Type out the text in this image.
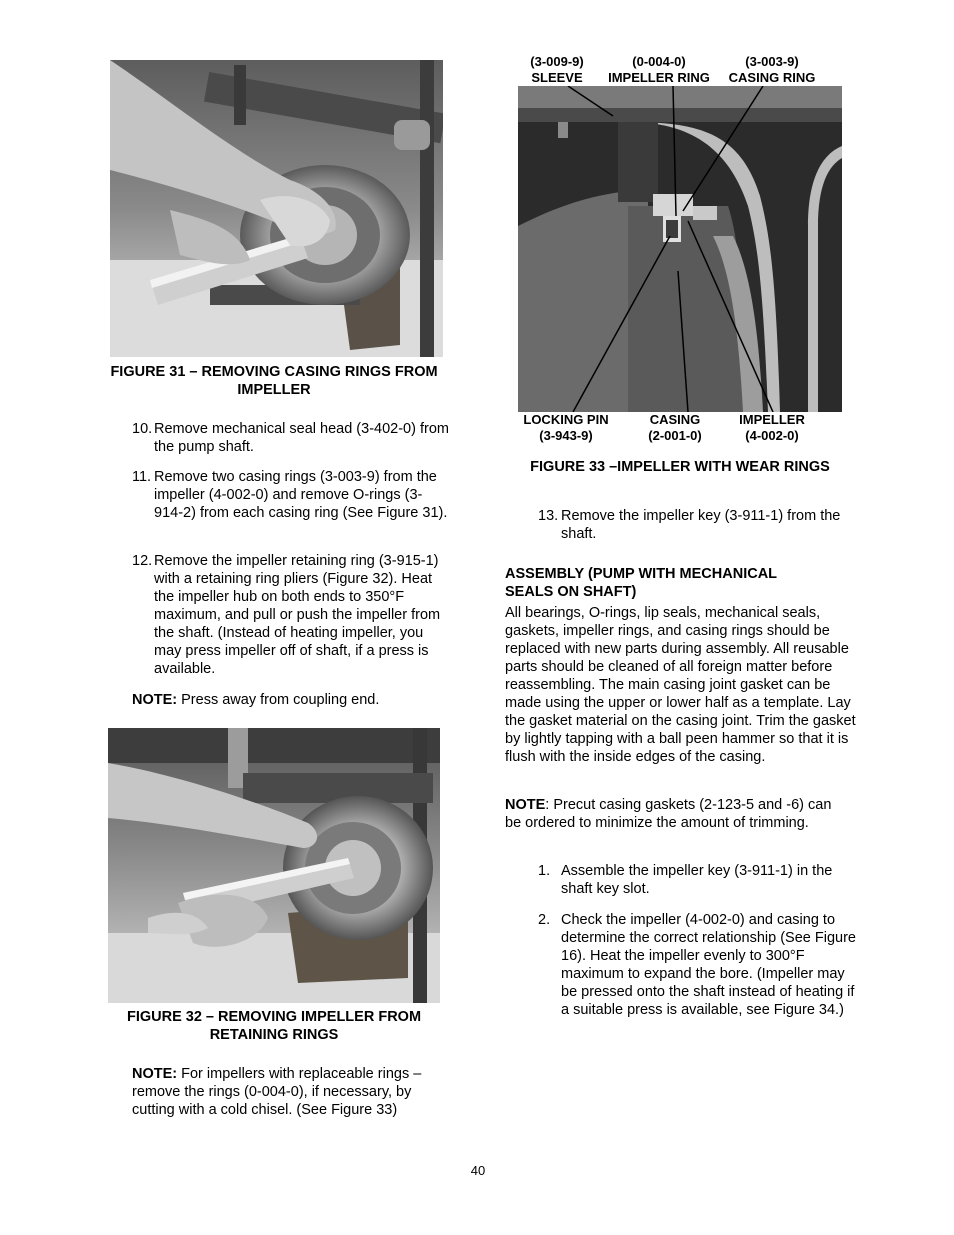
FIGURE 31 – REMOVING CASING RINGS FROM IMPELLER
10. Remove mechanical seal head (3-402-0) from the pump shaft.
11. Remove two casing rings (3-003-9) from the impeller (4-002-0) and remove O-rings (3-914-2) from each casing ring (See Figure 31).
12. Remove the impeller retaining ring (3-915-1) with a retaining ring pliers (Figure 32). Heat the impeller hub on both ends to 350°F maximum, and pull or push the impeller from the shaft. (Instead of heating impeller, you may press impeller off of shaft, if a press is available.
NOTE: Press away from coupling end.
FIGURE 32 – REMOVING IMPELLER FROM RETAINING RINGS
NOTE: For impellers with replaceable rings – remove the rings (0-004-0), if necessary, by cutting with a cold chisel. (See Figure 33)
(3-009-9)
SLEEVE
(0-004-0)
IMPELLER RING
(3-003-9)
CASING RING
LOCKING PIN
(3-943-9)
CASING
(2-001-0)
IMPELLER
(4-002-0)
FIGURE 33 –IMPELLER WITH WEAR RINGS
13. Remove the impeller key (3-911-1) from the shaft.
ASSEMBLY (PUMP WITH MECHANICAL SEALS ON SHAFT)
All bearings, O-rings, lip seals, mechanical seals, gaskets, impeller rings, and casing rings should be replaced with new parts during assembly. All reusable parts should be cleaned of all foreign matter before reassembling. The main casing joint gasket can be made using the upper or lower half as a template. Lay the gasket material on the casing joint. Trim the gasket by lightly tapping with a ball peen hammer so that it is flush with the inside edges of the casing.
NOTE: Precut casing gaskets (2-123-5 and -6) can be ordered to minimize the amount of trimming.
1. Assemble the impeller key (3-911-1) in the shaft key slot.
2. Check the impeller (4-002-0) and casing to determine the correct relationship (See Figure 16). Heat the impeller evenly to 300°F maximum to expand the bore. (Impeller may be pressed onto the shaft instead of heating if a suitable press is available, see Figure 34.)
40
